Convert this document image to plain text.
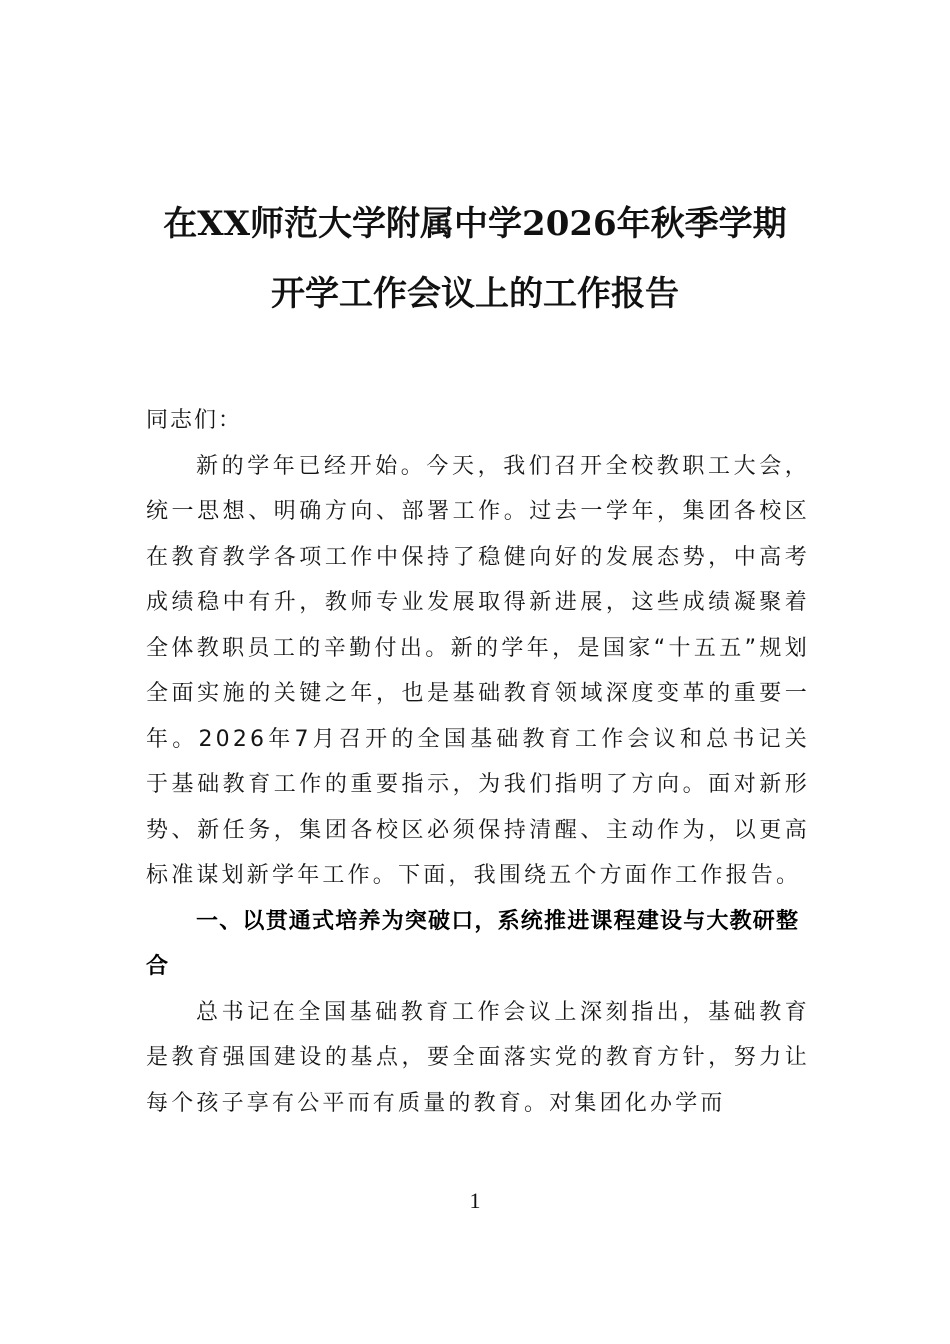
在XX师范大学附属中学2026年秋季学期
开学工作会议上的工作报告

同志们：

新的学年已经开始。今天，我们召开全校教职工大会，统一思想、明确方向、部署工作。过去一学年，集团各校区在教育教学各项工作中保持了稳健向好的发展态势，中高考成绩稳中有升，教师专业发展取得新进展，这些成绩凝聚着全体教职员工的辛勤付出。新的学年，是国家“十五五”规划全面实施的关键之年，也是基础教育领域深度变革的重要一年。2026年7月召开的全国基础教育工作会议和总书记关于基础教育工作的重要指示，为我们指明了方向。面对新形势、新任务，集团各校区必须保持清醒、主动作为，以更高标准谋划新学年工作。下面，我围绕五个方面作工作报告。

一、以贯通式培养为突破口，系统推进课程建设与大教研整合

总书记在全国基础教育工作会议上深刻指出，基础教育是教育强国建设的基点，要全面落实党的教育方针，努力让每个孩子享有公平而有质量的教育。对集团化办学而

1
